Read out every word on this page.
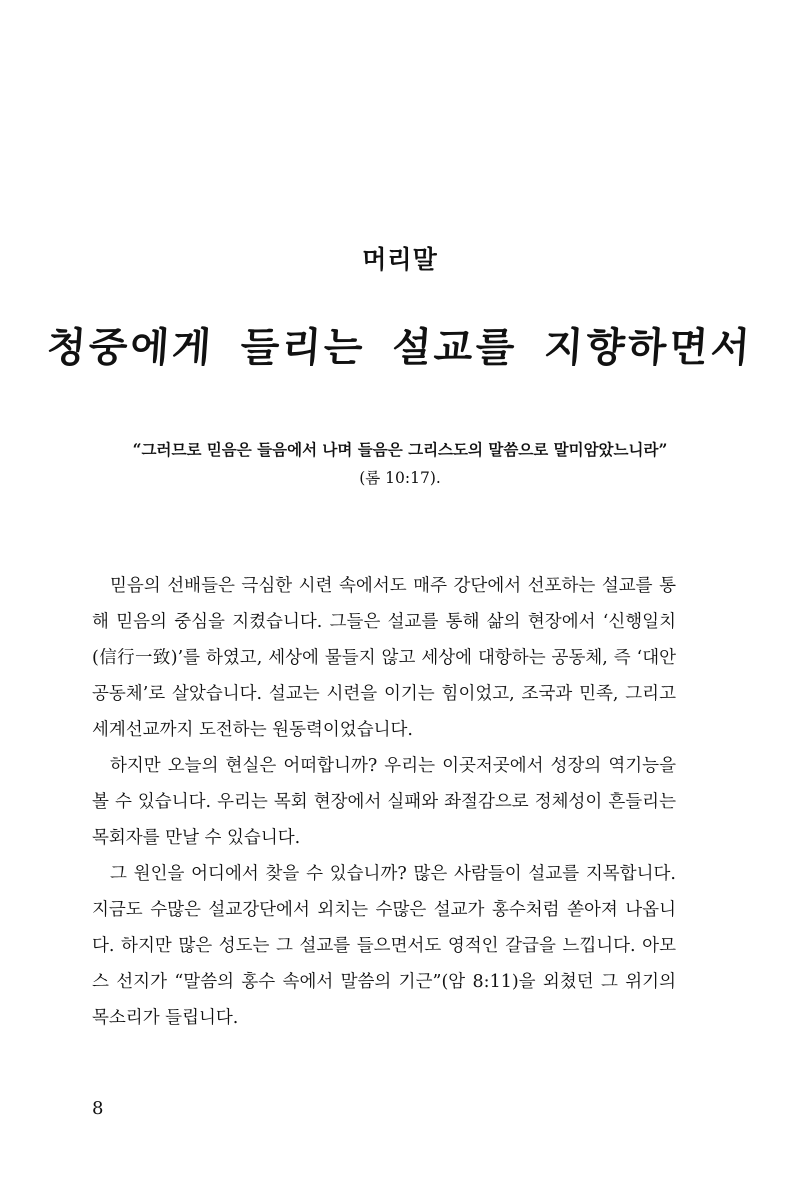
머리말
청중에게 들리는 설교를 지향하면서
“그러므로 믿음은 들음에서 나며 들음은 그리스도의 말씀으로 말미암았느니라”
(롬 10:17).

믿음의 선배들은 극심한 시련 속에서도 매주 강단에서 선포하는 설교를 통해 믿음의 중심을 지켰습니다. 그들은 설교를 통해 삶의 현장에서 ‘신행일치(信行一致)’를 하였고, 세상에 물들지 않고 세상에 대항하는 공동체, 즉 ‘대안 공동체’로 살았습니다. 설교는 시련을 이기는 힘이었고, 조국과 민족, 그리고 세계선교까지 도전하는 원동력이었습니다.

하지만 오늘의 현실은 어떠합니까? 우리는 이곳저곳에서 성장의 역기능을 볼 수 있습니다. 우리는 목회 현장에서 실패와 좌절감으로 정체성이 흔들리는 목회자를 만날 수 있습니다.

그 원인을 어디에서 찾을 수 있습니까? 많은 사람들이 설교를 지목합니다. 지금도 수많은 설교강단에서 외치는 수많은 설교가 홍수처럼 쏟아져 나옵니다. 하지만 많은 성도는 그 설교를 들으면서도 영적인 갈급을 느낍니다. 아모스 선지가 “말씀의 홍수 속에서 말씀의 기근”(암 8:11)을 외쳤던 그 위기의 목소리가 들립니다.

8
